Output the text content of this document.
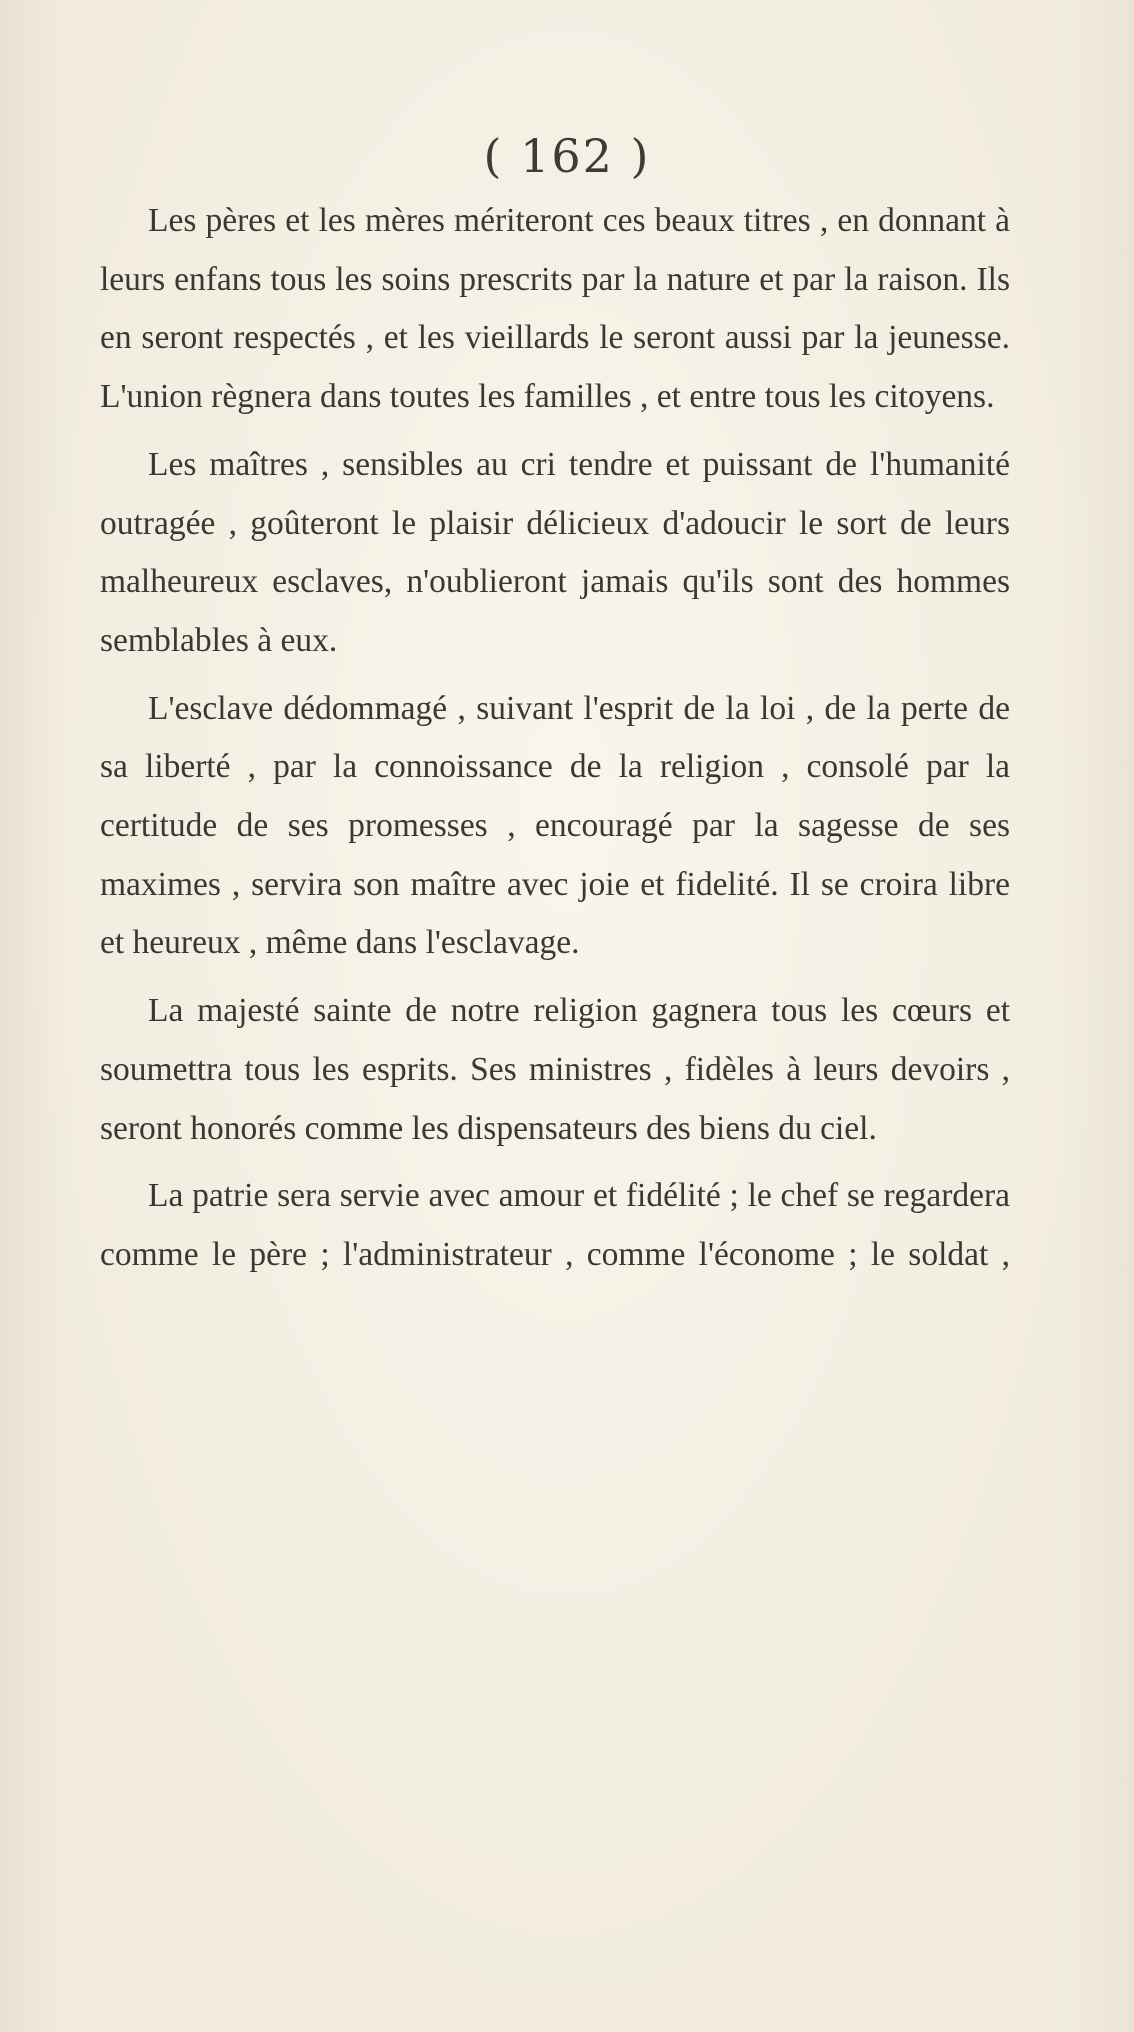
( 162 )

Les pères et les mères mériteront ces beaux titres , en donnant à leurs enfans tous les soins prescrits par la nature et par la raison. Ils en seront respectés , et les vieillards le seront aussi par la jeunesse. L'union règnera dans toutes les familles , et entre tous les citoyens.

Les maîtres , sensibles au cri tendre et puissant de l'humanité outragée , goûteront le plaisir délicieux d'adoucir le sort de leurs malheureux esclaves, n'oublieront jamais qu'ils sont des hommes semblables à eux.

L'esclave dédommagé , suivant l'esprit de la loi , de la perte de sa liberté , par la connoissance de la religion , consolé par la certitude de ses promesses , encouragé par la sagesse de ses maximes , servira son maître avec joie et fidelité. Il se croira libre et heureux , même dans l'esclavage.

La majesté sainte de notre religion gagnera tous les cœurs et soumettra tous les esprits. Ses ministres , fidèles à leurs devoirs , seront honorés comme les dispensateurs des biens du ciel.

La patrie sera servie avec amour et fidélité ; le chef se regardera comme le père ; l'administrateur , comme l'économe ; le soldat ,
